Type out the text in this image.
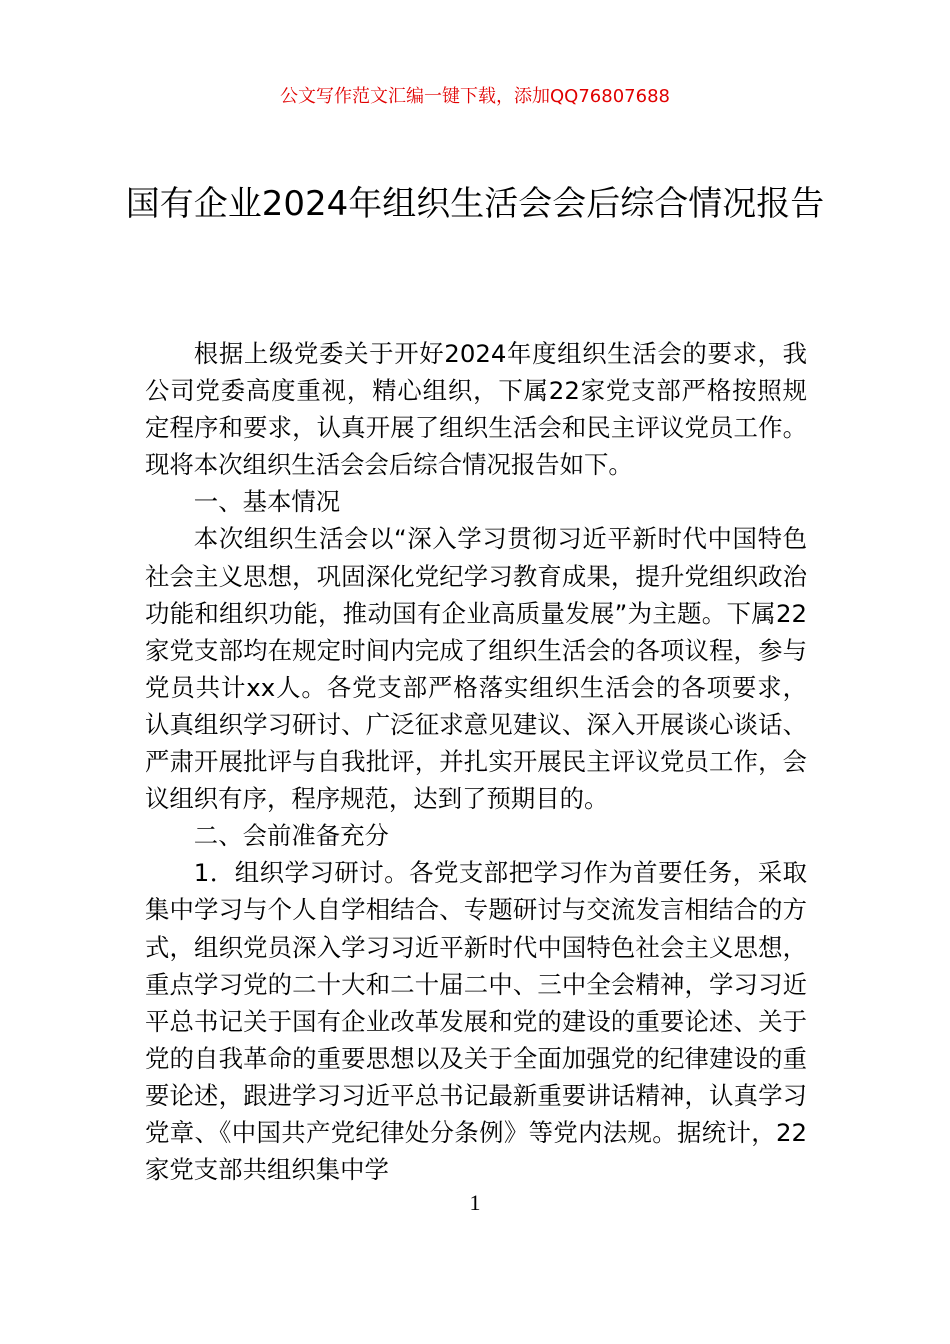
公文写作范文汇编一键下载，添加QQ76807688
国有企业2024年组织生活会会后综合情况报告

根据上级党委关于开好2024年度组织生活会的要求，我公司党委高度重视，精心组织，下属22家党支部严格按照规定程序和要求，认真开展了组织生活会和民主评议党员工作。现将本次组织生活会会后综合情况报告如下。

一、基本情况

本次组织生活会以“深入学习贯彻习近平新时代中国特色社会主义思想，巩固深化党纪学习教育成果，提升党组织政治功能和组织功能，推动国有企业高质量发展”为主题。下属22家党支部均在规定时间内完成了组织生活会的各项议程，参与党员共计xx人。各党支部严格落实组织生活会的各项要求，认真组织学习研讨、广泛征求意见建议、深入开展谈心谈话、严肃开展批评与自我批评，并扎实开展民主评议党员工作，会议组织有序，程序规范，达到了预期目的。

二、会前准备充分

1．组织学习研讨。各党支部把学习作为首要任务，采取集中学习与个人自学相结合、专题研讨与交流发言相结合的方式，组织党员深入学习习近平新时代中国特色社会主义思想，重点学习党的二十大和二十届二中、三中全会精神，学习习近平总书记关于国有企业改革发展和党的建设的重要论述、关于党的自我革命的重要思想以及关于全面加强党的纪律建设的重要论述，跟进学习习近平总书记最新重要讲话精神，认真学习党章、《中国共产党纪律处分条例》等党内法规。据统计，22家党支部共组织集中学

1
